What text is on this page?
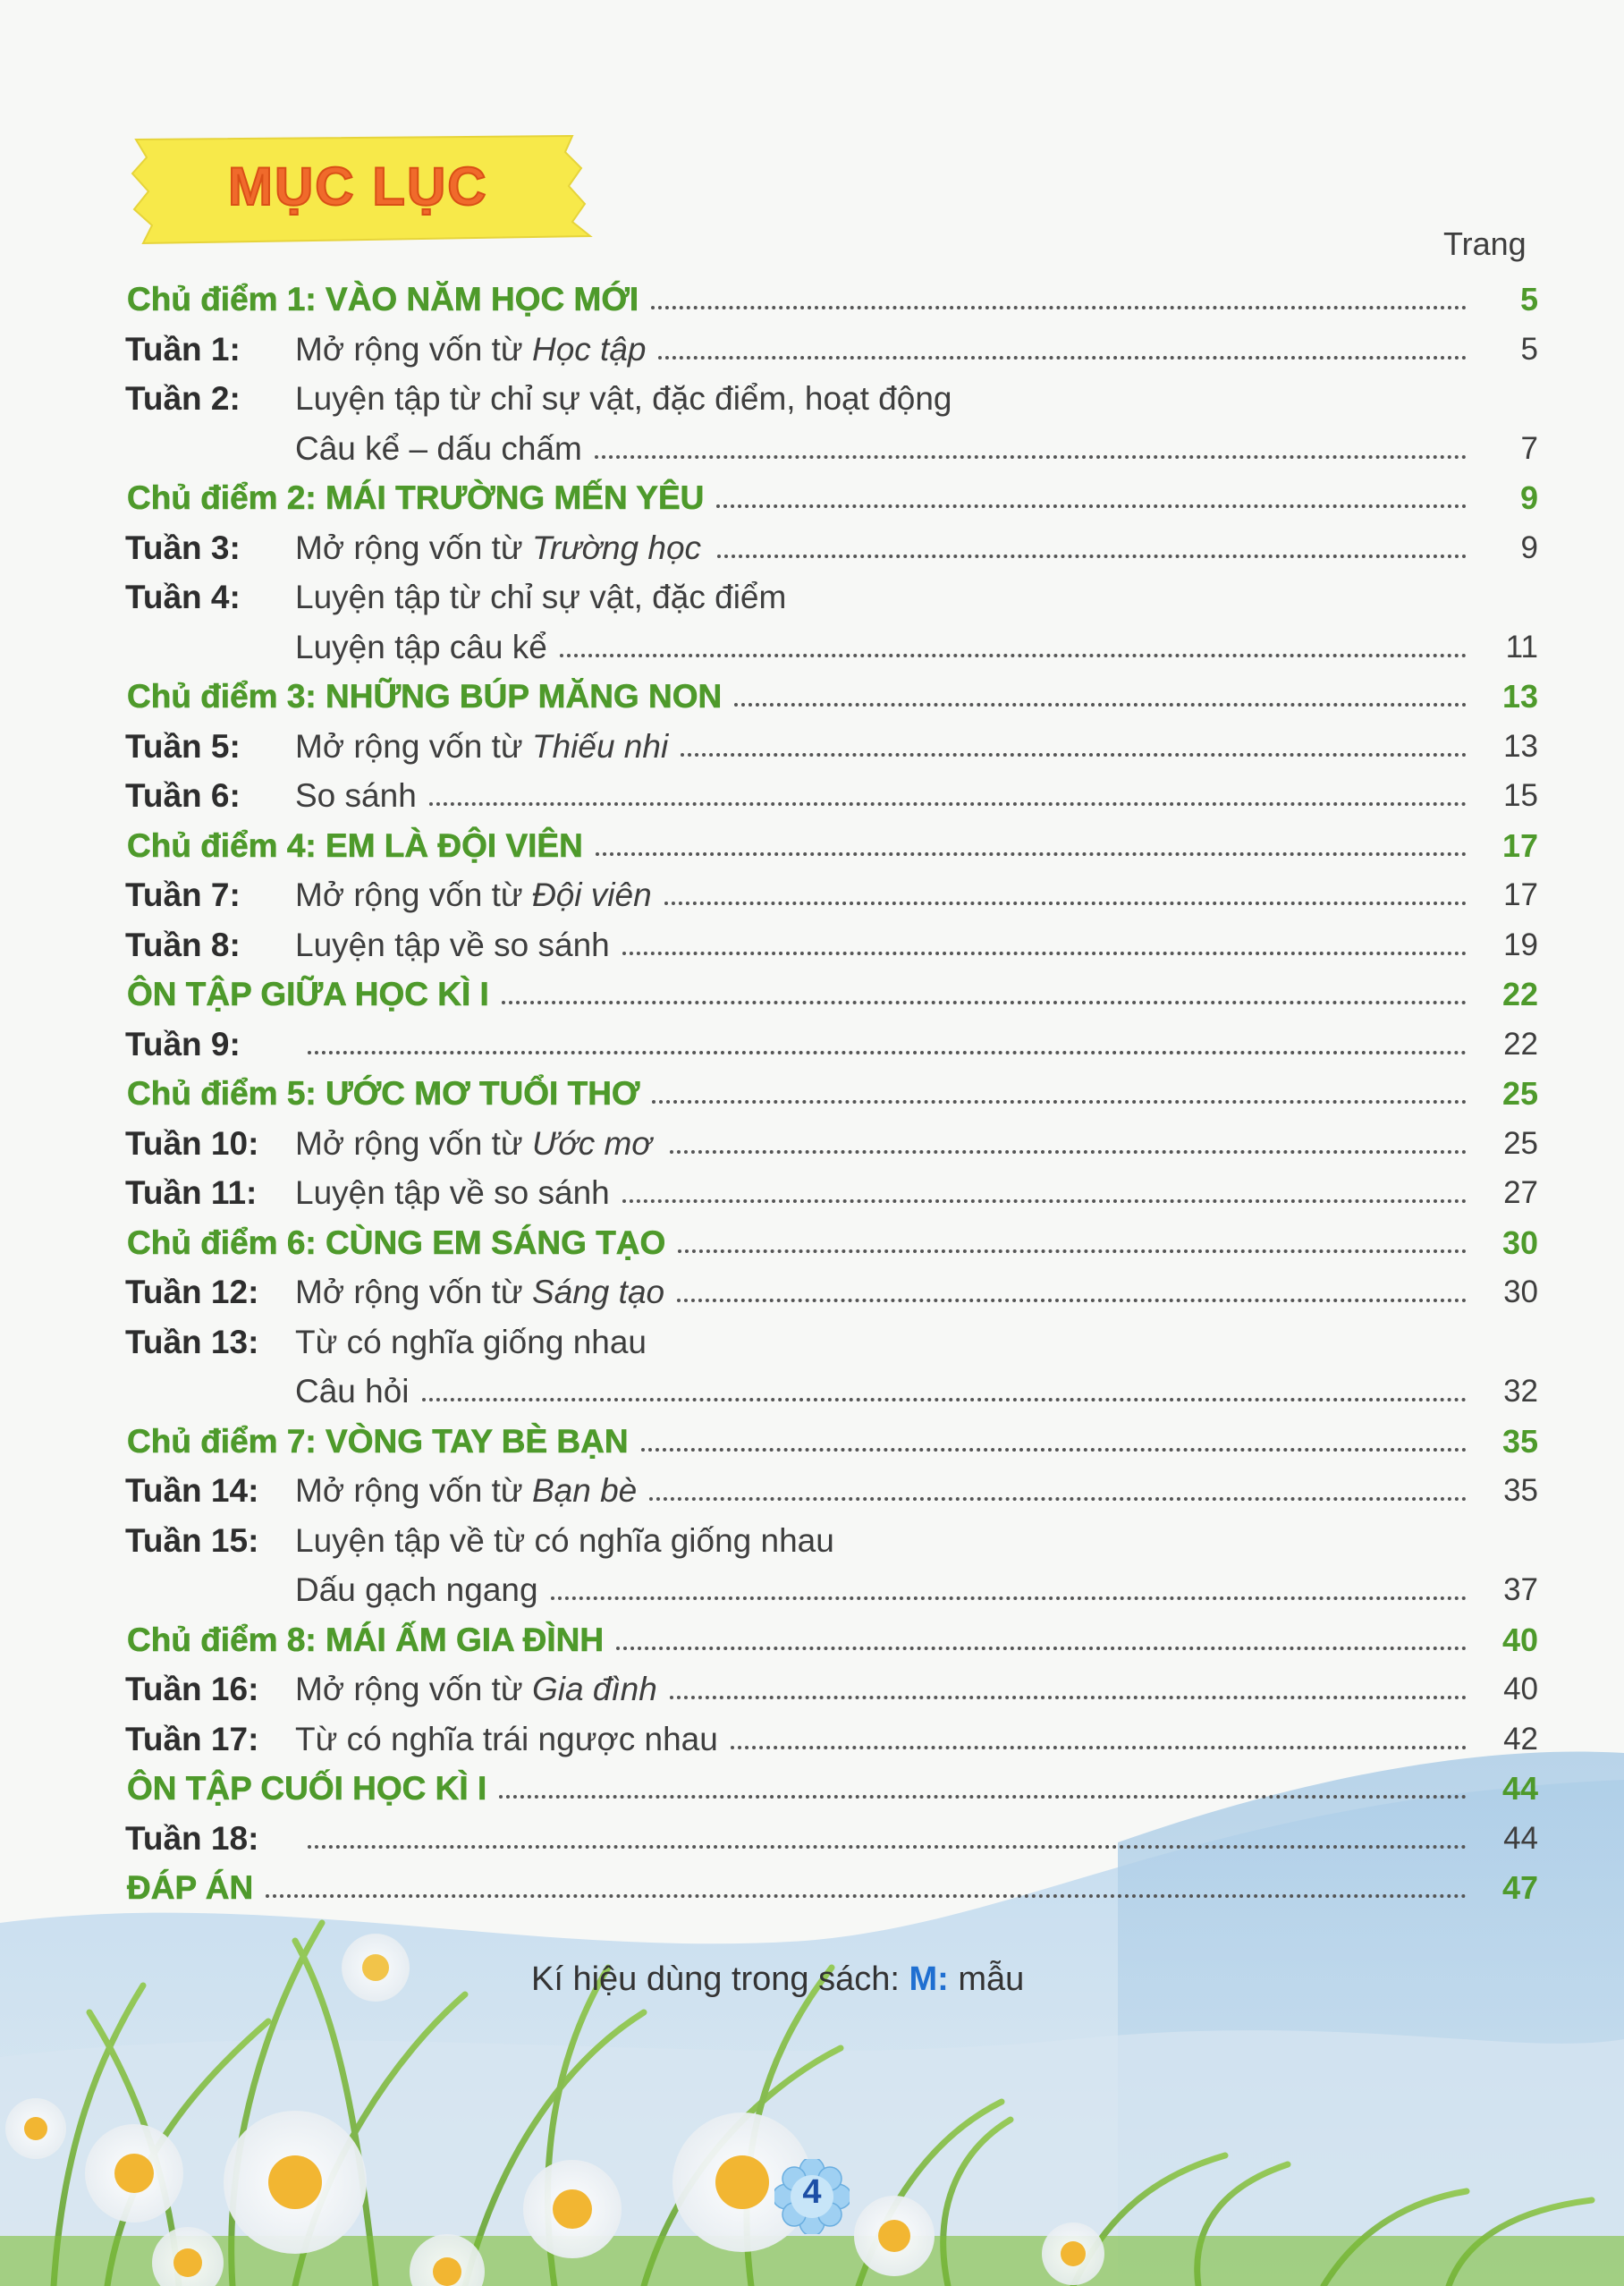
MỤC LỤC
Trang
Chủ điểm 1: VÀO NĂM HỌC MỚI	5
Tuần 1: Mở rộng vốn từ Học tập	5
Tuần 2: Luyện tập từ chỉ sự vật, đặc điểm, hoạt động
Câu kể – dấu chấm	7
Chủ điểm 2: MÁI TRƯỜNG MẾN YÊU	9
Tuần 3: Mở rộng vốn từ Trường học	9
Tuần 4: Luyện tập từ chỉ sự vật, đặc điểm
Luyện tập câu kể	11
Chủ điểm 3: NHỮNG BÚP MĂNG NON	13
Tuần 5: Mở rộng vốn từ Thiếu nhi	13
Tuần 6: So sánh	15
Chủ điểm 4: EM LÀ ĐỘI VIÊN	17
Tuần 7: Mở rộng vốn từ Đội viên	17
Tuần 8: Luyện tập về so sánh	19
ÔN TẬP GIỮA HỌC KÌ I	22
Tuần 9:	22
Chủ điểm 5: ƯỚC MƠ TUỔI THƠ	25
Tuần 10: Mở rộng vốn từ Ước mơ	25
Tuần 11: Luyện tập về so sánh	27
Chủ điểm 6: CÙNG EM SÁNG TẠO	30
Tuần 12: Mở rộng vốn từ Sáng tạo	30
Tuần 13: Từ có nghĩa giống nhau
Câu hỏi	32
Chủ điểm 7: VÒNG TAY BÈ BẠN	35
Tuần 14: Mở rộng vốn từ Bạn bè	35
Tuần 15: Luyện tập về từ có nghĩa giống nhau
Dấu gạch ngang	37
Chủ điểm 8: MÁI ẤM GIA ĐÌNH	40
Tuần 16: Mở rộng vốn từ Gia đình	40
Tuần 17: Từ có nghĩa trái ngược nhau	42
ÔN TẬP CUỐI HỌC KÌ I	44
Tuần 18:	44
ĐÁP ÁN	47
Kí hiệu dùng trong sách: M: mẫu
4
